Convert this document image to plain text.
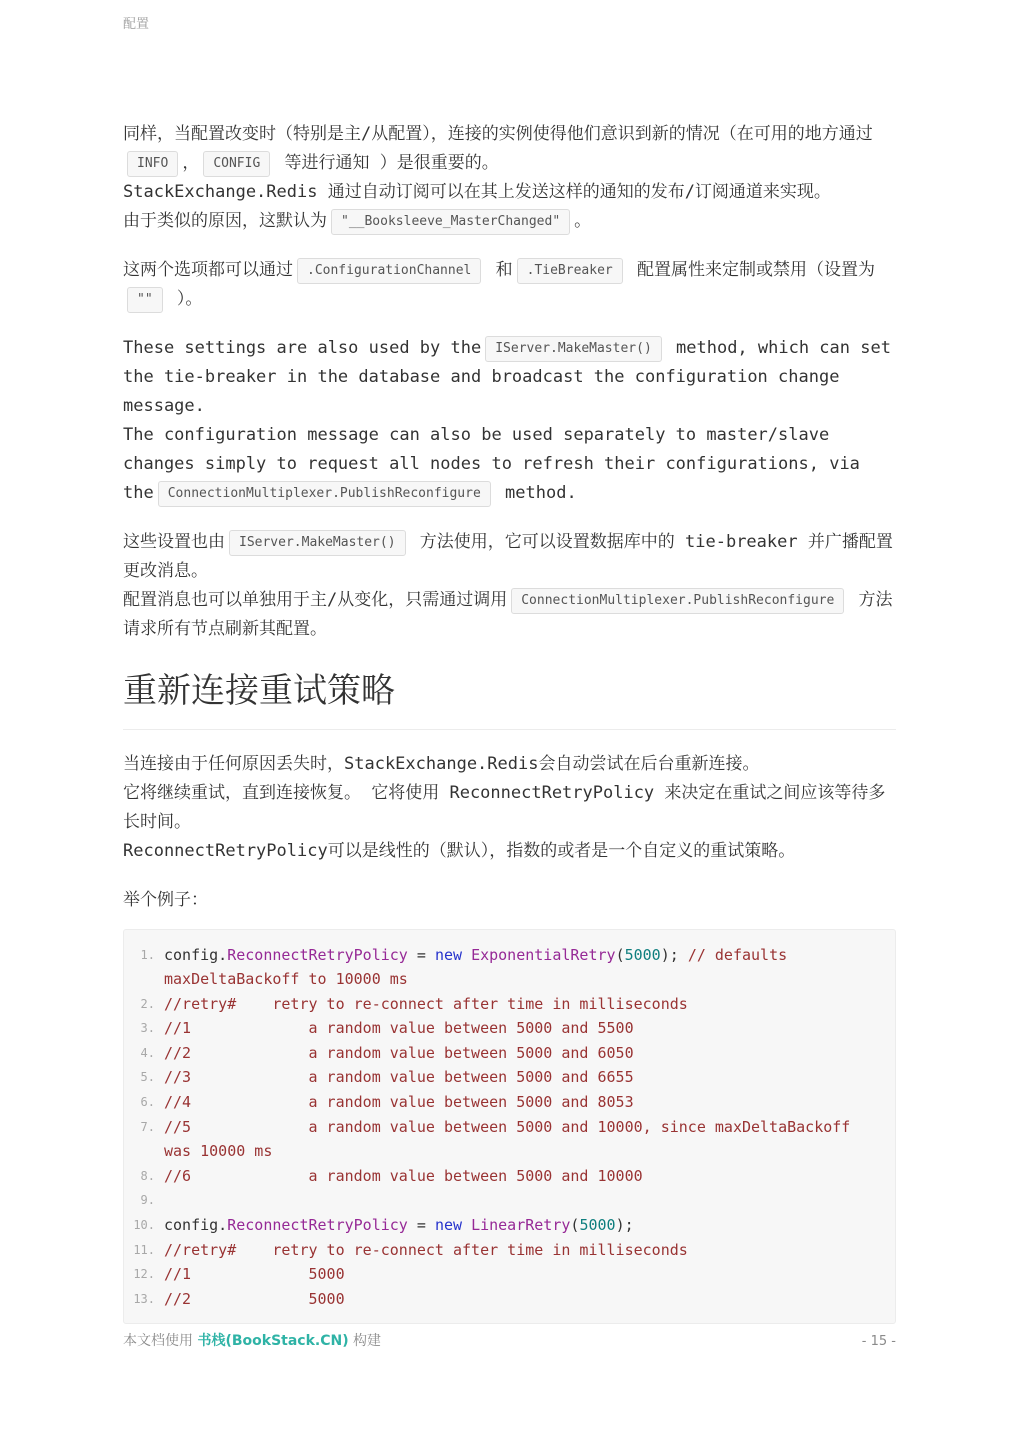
配置

同样，当配置改变时（特别是主/从配置），连接的实例使得他们意识到新的情况（在可用的地方通过INFO ， CONFIG 等进行通知 ）是很重要的。
StackExchange.Redis 通过自动订阅可以在其上发送这样的通知的发布/订阅通道来实现。
由于类似的原因，这默认为 "__Booksleeve_MasterChanged" 。

这两个选项都可以通过 .ConfigurationChannel 和 .TieBreaker 配置属性来定制或禁用（设置为"" ）。

These settings are also used by the IServer.MakeMaster() method, which can set the tie-breaker in the database and broadcast the configuration change message.
The configuration message can also be used separately to master/slave changes simply to request all nodes to refresh their configurations, via the ConnectionMultiplexer.PublishReconfigure method.

这些设置也由 IServer.MakeMaster() 方法使用，它可以设置数据库中的 tie-breaker 并广播配置更改消息。
配置消息也可以单独用于主/从变化，只需通过调用 ConnectionMultiplexer.PublishReconfigure 方法请求所有节点刷新其配置。

重新连接重试策略

当连接由于任何原因丢失时，StackExchange.Redis会自动尝试在后台重新连接。
它将继续重试，直到连接恢复。 它将使用 ReconnectRetryPolicy 来决定在重试之间应该等待多长时间。
ReconnectRetryPolicy可以是线性的（默认），指数的或者是一个自定义的重试策略。

举个例子：

1. config.ReconnectRetryPolicy = new ExponentialRetry(5000); // defaults maxDeltaBackoff to 10000 ms
2. //retry#    retry to re-connect after time in milliseconds
3. //1             a random value between 5000 and 5500
4. //2             a random value between 5000 and 6050
5. //3             a random value between 5000 and 6655
6. //4             a random value between 5000 and 8053
7. //5             a random value between 5000 and 10000, since maxDeltaBackoff was 10000 ms
8. //6             a random value between 5000 and 10000
9.

10. config.ReconnectRetryPolicy = new LinearRetry(5000);
11. //retry#    retry to re-connect after time in milliseconds
12. //1             5000
13. //2             5000
本文档使用 书栈(BookStack.CN) 构建	- 15 -
